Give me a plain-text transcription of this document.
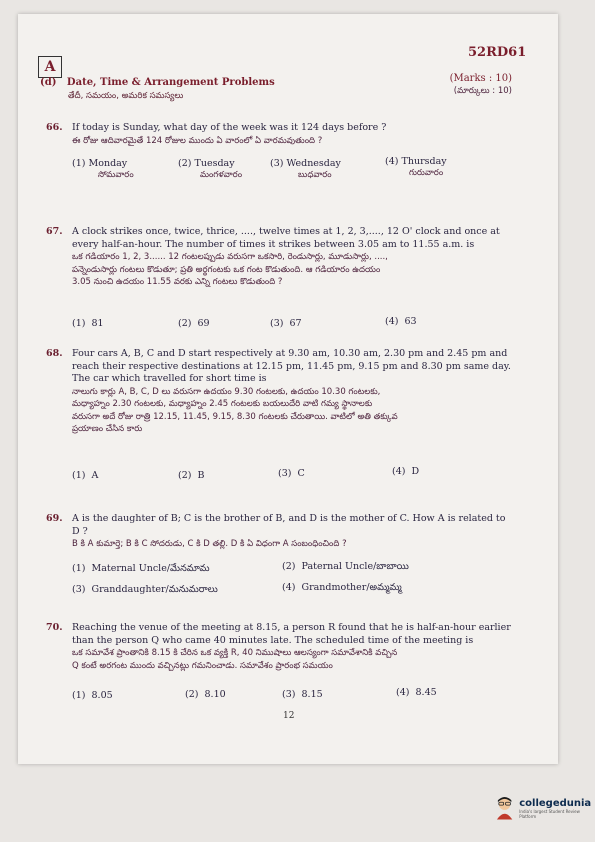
A
52RD61
(Marks : 10)
(మార్కులు : 10)
(d) Date, Time & Arrangement Problems
తేదీ, సమయం, అమరిక సమస్యలు
66. If today is Sunday, what day of the week was it 124 days before ?
ఈ రోజు ఆదివారమైతే 124 రోజుల ముందు ఏ వారంలో ఏ వారమవుతుంది ?
(1) Monday
సోమవారం
(2) Tuesday
మంగళవారం
(3) Wednesday
బుధవారం
(4) Thursday
గురువారం
67. A clock strikes once, twice, thrice, ...., twelve times at 1, 2, 3,...., 12 O' clock and once at
every half-an-hour. The number of times it strikes between 3.05 am to 11.55 a.m. is
ఒక గడియారం 1, 2, 3...... 12 గంటలప్పుడు వరుసగా ఒకసారి, రెండుసార్లు, మూడుసార్లు, ....,
పన్నెండుసార్లు గంటలు కొడుతూ; ప్రతి అర్థగంటకు ఒక గంట కొడుతుంది. ఆ గడియారం ఉదయం
3.05 నుంచి ఉదయం 11.55 వరకు ఎన్ని గంటలు కొడుతుంది ?
(1) 81	(2) 69	(3) 67	(4) 63
68. Four cars A, B, C and D start respectively at 9.30 am, 10.30 am, 2.30 pm and 2.45 pm and
reach their respective destinations at 12.15 pm, 11.45 pm, 9.15 pm and 8.30 pm same day.
The car which travelled for short time is
నాలుగు కార్లు A, B, C, D లు వరుసగా ఉదయం 9.30 గంటలకు, ఉదయం 10.30 గంటలకు,
మధ్యాహ్నం 2.30 గంటలకు, మధ్యాహ్నం 2.45 గంటలకు బయలుదేరి వాటి గమ్య స్థానాలకు
వరుసగా అదే రోజు రాత్రి 12.15, 11.45, 9.15, 8.30 గంటలకు చేరుతాయి. వాటిలో అతి తక్కువ
ప్రయాణం చేసిన కారు
(1) A	(2) B	(3) C	(4) D
69. A is the daughter of B; C is the brother of B, and D is the mother of C. How A is related to
D ?
B కి A కుమార్తె; B కి C సోదరుడు, C కి D తల్లి. D కి ఏ విధంగా A సంబంధించింది ?
(1) Maternal Uncle/మేనమామ	(2) Paternal Uncle/బాబాయి
(3) Granddaughter/మనుమరాలు	(4) Grandmother/అమ్మమ్మ
70. Reaching the venue of the meeting at 8.15, a person R found that he is half-an-hour earlier
than the person Q who came 40 minutes late. The scheduled time of the meeting is
ఒక సమావేశ ప్రాంతానికి 8.15 కి చేరిన ఒక వ్యక్తి R, 40 నిముషాలు ఆలస్యంగా సమావేశానికి వచ్చిన
Q కంటే అరగంట ముందు వచ్చినట్లు గమనించాడు. సమావేశం ప్రారంభ సమయం
(1) 8.05	(2) 8.10	(3) 8.15	(4) 8.45
12
collegedunia
India's largest Student Review Platform
